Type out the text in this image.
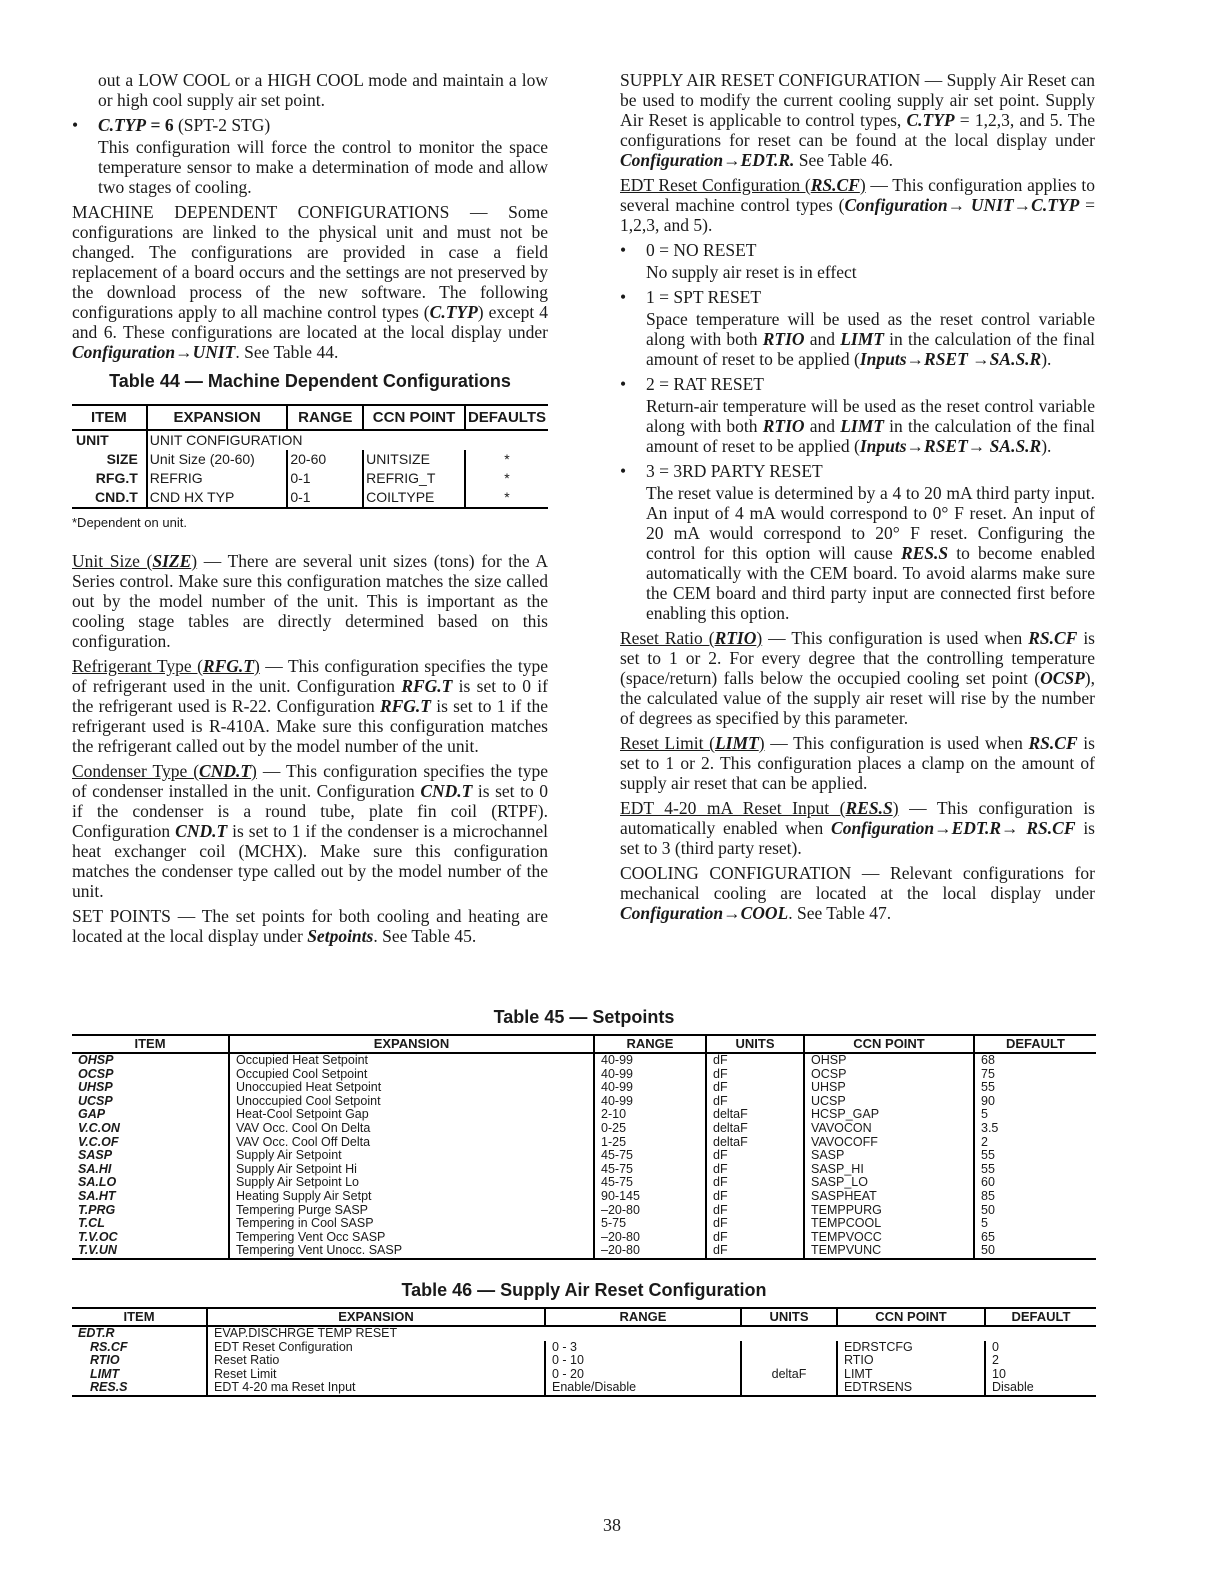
out a LOW COOL or a HIGH COOL mode and maintain a low or high cool supply air set point.

• C.TYP = 6 (SPT-2 STG)

This configuration will force the control to monitor the space temperature sensor to make a determination of mode and allow two stages of cooling.

MACHINE DEPENDENT CONFIGURATIONS — Some configurations are linked to the physical unit and must not be changed. The configurations are provided in case a field replacement of a board occurs and the settings are not preserved by the download process of the new software. The following configurations apply to all machine control types (C.TYP) except 4 and 6. These configurations are located at the local display under Configuration→UNIT. See Table 44.

Table 44 — Machine Dependent Configurations
ITEM	EXPANSION	RANGE	CCN POINT	DEFAULTS
UNIT	UNIT CONFIGURATION			
SIZE	Unit Size (20-60)	20-60	UNITSIZE	*
RFG.T	REFRIG	0-1	REFRIG_T	*
CND.T	CND HX TYP	0-1	COILTYPE	*
*Dependent on unit.

Unit Size (SIZE) — There are several unit sizes (tons) for the A Series control. Make sure this configuration matches the size called out by the model number of the unit. This is important as the cooling stage tables are directly determined based on this configuration.

Refrigerant Type (RFG.T) — This configuration specifies the type of refrigerant used in the unit. Configuration RFG.T is set to 0 if the refrigerant used is R-22. Configuration RFG.T is set to 1 if the refrigerant used is R-410A. Make sure this configuration matches the refrigerant called out by the model number of the unit.

Condenser Type (CND.T) — This configuration specifies the type of condenser installed in the unit. Configuration CND.T is set to 0 if the condenser is a round tube, plate fin coil (RTPF). Configuration CND.T is set to 1 if the condenser is a microchannel heat exchanger coil (MCHX). Make sure this configuration matches the condenser type called out by the model number of the unit.

SET POINTS — The set points for both cooling and heating are located at the local display under Setpoints. See Table 45.

SUPPLY AIR RESET CONFIGURATION — Supply Air Reset can be used to modify the current cooling supply air set point. Supply Air Reset is applicable to control types, C.TYP = 1,2,3, and 5. The configurations for reset can be found at the local display under Configuration→EDT.R. See Table 46.

EDT Reset Configuration (RS.CF) — This configuration applies to several machine control types (Configuration→ UNIT→C.TYP = 1,2,3, and 5).

• 0 = NO RESET

No supply air reset is in effect

• 1 = SPT RESET

Space temperature will be used as the reset control variable along with both RTIO and LIMT in the calculation of the final amount of reset to be applied (Inputs→RSET →SA.S.R).

• 2 = RAT RESET

Return-air temperature will be used as the reset control variable along with both RTIO and LIMT in the calculation of the final amount of reset to be applied (Inputs→RSET→ SA.S.R).

• 3 = 3RD PARTY RESET

The reset value is determined by a 4 to 20 mA third party input. An input of 4 mA would correspond to 0° F reset. An input of 20 mA would correspond to 20° F reset. Configuring the control for this option will cause RES.S to become enabled automatically with the CEM board. To avoid alarms make sure the CEM board and third party input are connected first before enabling this option.

Reset Ratio (RTIO) — This configuration is used when RS.CF is set to 1 or 2. For every degree that the controlling temperature (space/return) falls below the occupied cooling set point (OCSP), the calculated value of the supply air reset will rise by the number of degrees as specified by this parameter.

Reset Limit (LIMT) — This configuration is used when RS.CF is set to 1 or 2. This configuration places a clamp on the amount of supply air reset that can be applied.

EDT 4-20 mA Reset Input (RES.S) — This configuration is automatically enabled when Configuration→EDT.R→ RS.CF is set to 3 (third party reset).

COOLING CONFIGURATION — Relevant configurations for mechanical cooling are located at the local display under Configuration→COOL. See Table 47.

Table 45 — Setpoints
ITEM	EXPANSION	RANGE	UNITS	CCN POINT	DEFAULT
OHSP	Occupied Heat Setpoint	40-99	dF	OHSP	68
OCSP	Occupied Cool Setpoint	40-99	dF	OCSP	75
UHSP	Unoccupied Heat Setpoint	40-99	dF	UHSP	55
UCSP	Unoccupied Cool Setpoint	40-99	dF	UCSP	90
GAP	Heat-Cool Setpoint Gap	2-10	deltaF	HCSP_GAP	5
V.C.ON	VAV Occ. Cool On Delta	0-25	deltaF	VAVOCON	3.5
V.C.OF	VAV Occ. Cool Off Delta	1-25	deltaF	VAVOCOFF	2
SASP	Supply Air Setpoint	45-75	dF	SASP	55
SA.HI	Supply Air Setpoint Hi	45-75	dF	SASP_HI	55
SA.LO	Supply Air Setpoint Lo	45-75	dF	SASP_LO	60
SA.HT	Heating Supply Air Setpt	90-145	dF	SASPHEAT	85
T.PRG	Tempering Purge SASP	–20-80	dF	TEMPPURG	50
T.CL	Tempering in Cool SASP	5-75	dF	TEMPCOOL	5
T.V.OC	Tempering Vent Occ SASP	–20-80	dF	TEMPVOCC	65
T.V.UN	Tempering Vent Unocc. SASP	–20-80	dF	TEMPVUNC	50
Table 46 — Supply Air Reset Configuration
ITEM	EXPANSION	RANGE	UNITS	CCN POINT	DEFAULT
EDT.R	EVAP.DISCHRGE TEMP RESET				
RS.CF	EDT Reset Configuration	0 - 3		EDRSTCFG	0
RTIO	Reset Ratio	0 - 10		RTIO	2
LIMT	Reset Limit	0 - 20	deltaF	LIMT	10
RES.S	EDT 4-20 ma Reset Input	Enable/Disable		EDTRSENS	Disable
38
